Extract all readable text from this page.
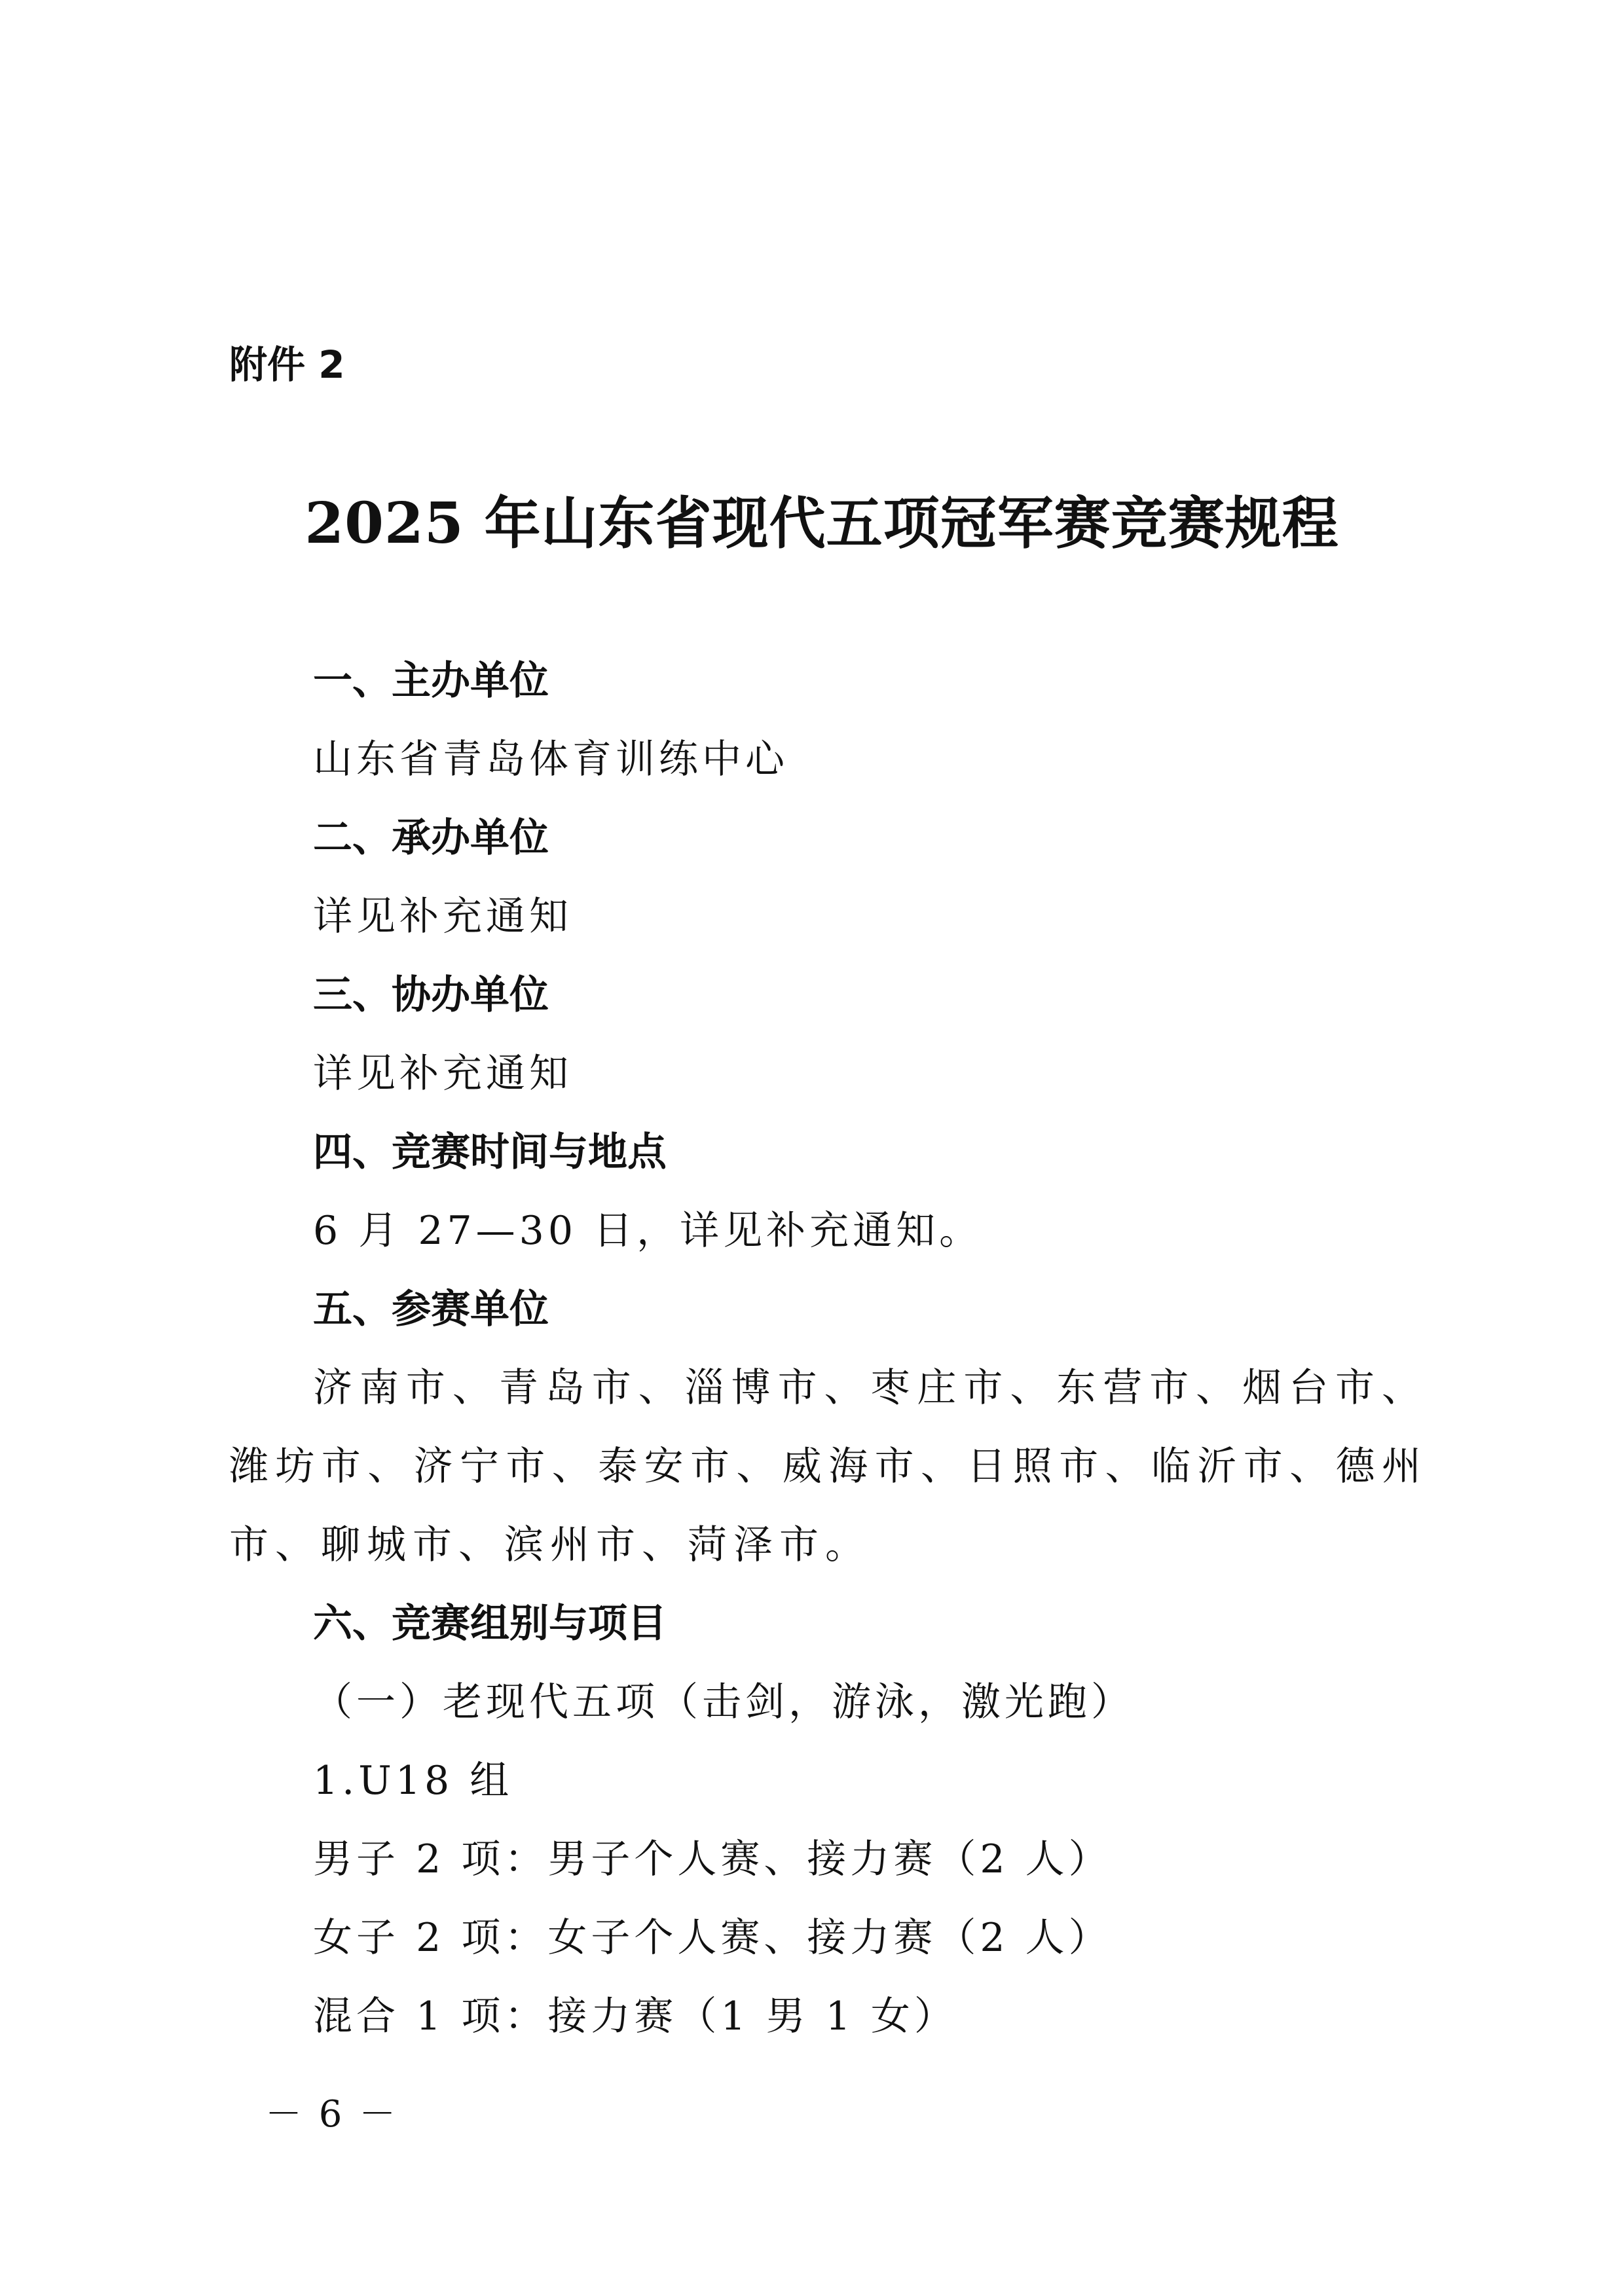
附件 2

2025 年山东省现代五项冠军赛竞赛规程

一、主办单位

山东省青岛体育训练中心

二、承办单位

详见补充通知

三、协办单位

详见补充通知

四、竞赛时间与地点

6 月 27—30 日，详见补充通知。

五、参赛单位

济南市、青岛市、淄博市、枣庄市、东营市、烟台市、潍坊市、济宁市、泰安市、威海市、日照市、临沂市、德州市、聊城市、滨州市、菏泽市。

六、竞赛组别与项目

（一）老现代五项（击剑，游泳，激光跑）

1.U18 组

男子 2 项：男子个人赛、接力赛（2 人）

女子 2 项：女子个人赛、接力赛（2 人）

混合 1 项：接力赛（1 男 1 女）

－ 6 －
